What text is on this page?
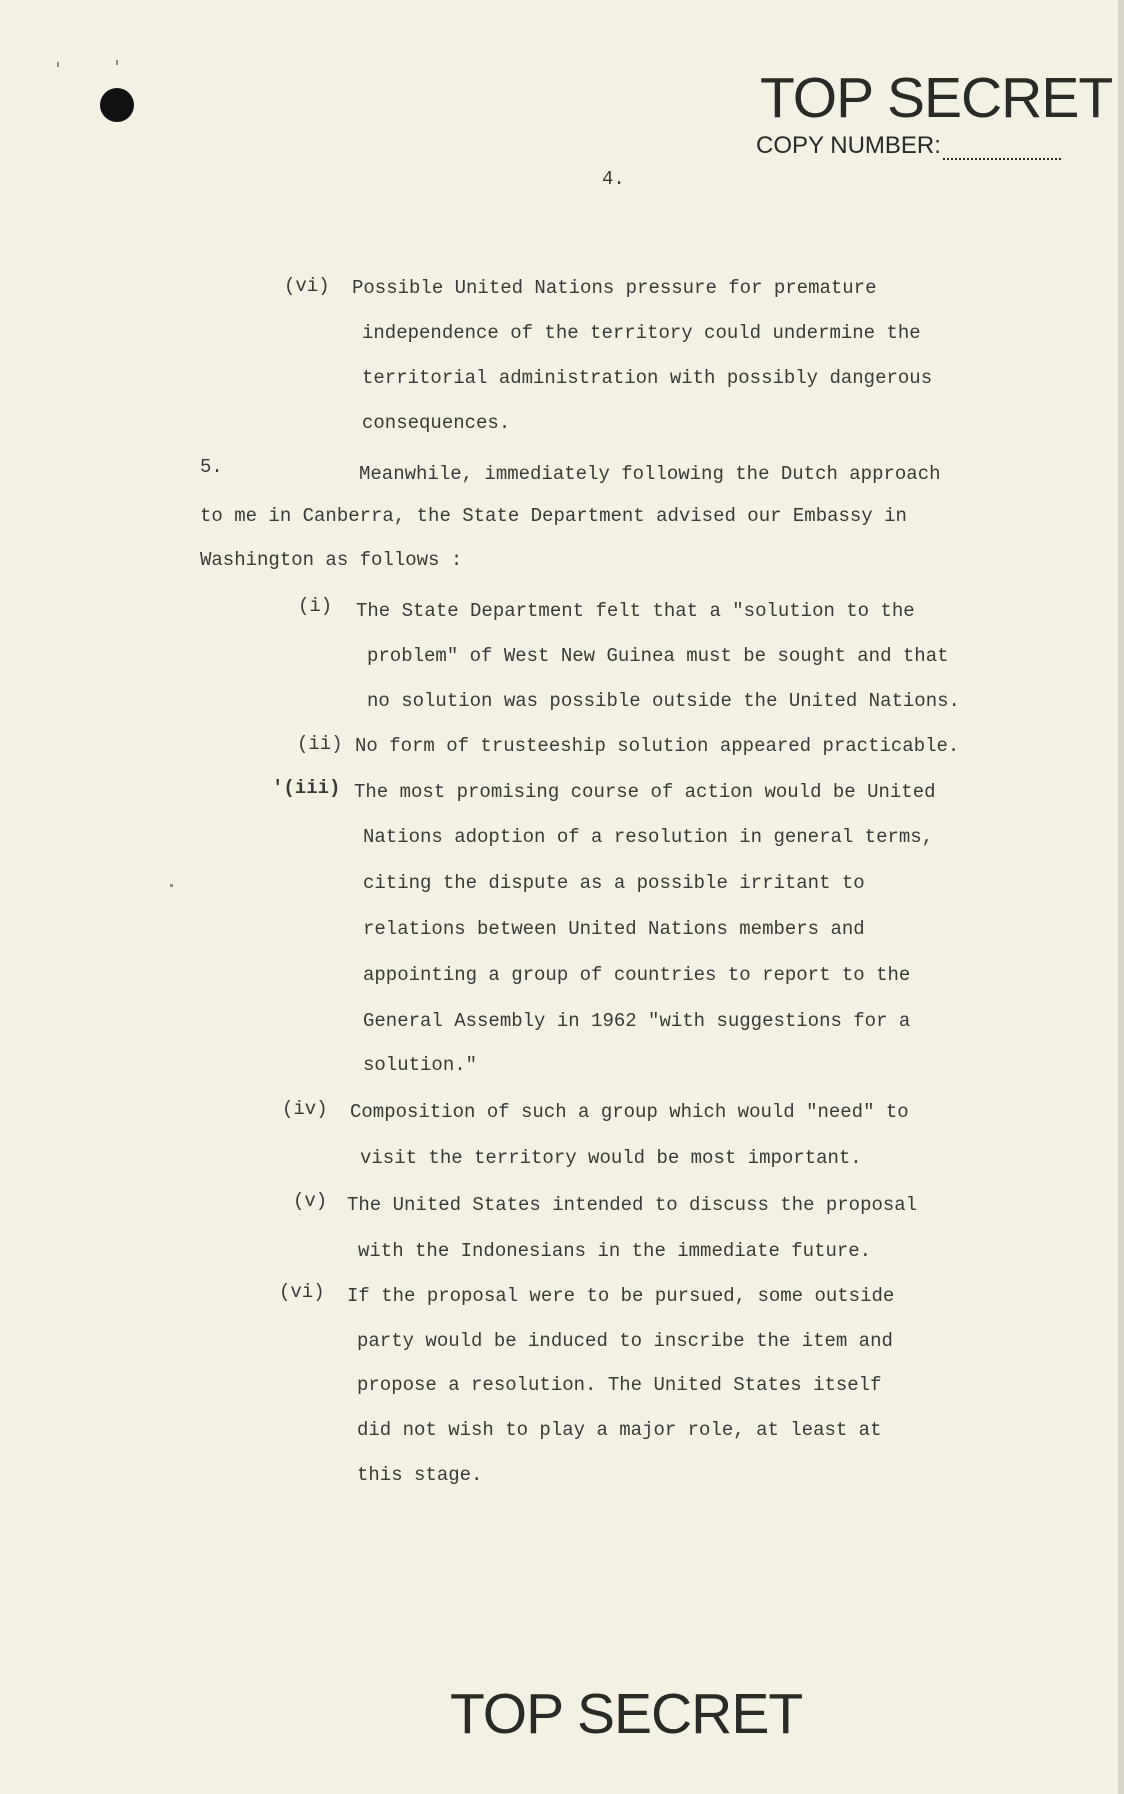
TOP SECRET
COPY NUMBER :
4.
(vi) Possible United Nations pressure for premature
independence of the territory could undermine the
territorial administration with possibly dangerous
consequences.
5.	Meanwhile, immediately following the Dutch approach
to me in Canberra, the State Department advised our Embassy in
Washington as follows :
(i) The State Department felt that a "solution to the
problem" of West New Guinea must be sought and that
no solution was possible outside the United Nations.
(ii) No form of trusteeship solution appeared practicable.
'(iii) The most promising course of action would be United
Nations adoption of a resolution in general terms,
citing the dispute as a possible irritant to
relations between United Nations members and
appointing a group of countries to report to the
General Assembly in 1962 "with suggestions for a
solution."
(iv) Composition of such a group which would "need" to
visit the territory would be most important.
(v) The United States intended to discuss the proposal
with the Indonesians in the immediate future.
(vi) If the proposal were to be pursued, some outside
party would be induced to inscribe the item and
propose a resolution. The United States itself
did not wish to play a major role, at least at
this stage.
TOP SECRET
